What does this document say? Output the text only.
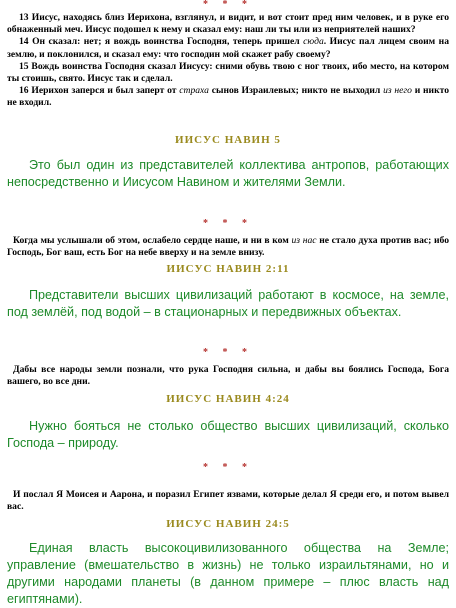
* * *

13 Иисус, находясь близ Иерихона, взглянул, и видит, и вот стоит пред ним человек, и в руке его обнаженный меч. Иисус подошел к нему и сказал ему: наш ли ты или из неприятелей наших?

14 Он сказал: нет; я вождь воинства Господня, теперь пришел сюда. Иисус пал лицем своим на землю, и поклонился, и сказал ему: что господин мой скажет рабу своему?

15 Вождь воинства Господня сказал Иисусу: сними обувь твою с ног твоих, ибо место, на котором ты стоишь, свято. Иисус так и сделал.

16 Иерихон заперся и был заперт от страха сынов Израилевых; никто не выходил из него и никто не входил.

ИИСУС НАВИН 5

Это был один из представителей коллектива антропов, работающих непосредственно и Иисусом Навином и жителями Земли.

* * *

Когда мы услышали об этом, ослабело сердце наше, и ни в ком из нас не стало духа против вас; ибо Господь, Бог ваш, есть Бог на небе вверху и на земле внизу.

ИИСУС НАВИН 2:11

Представители высших цивилизаций работают в космосе, на земле, под землёй, под водой – в стационарных и передвижных объектах.

* * *

Дабы все народы земли познали, что рука Господня сильна, и дабы вы боялись Господа, Бога вашего, во все дни.

ИИСУС НАВИН 4:24

Нужно бояться не столько общество высших цивилизаций, сколько Господа – природу.

* * *

И послал Я Моисея и Аарона, и поразил Египет язвами, которые делал Я среди его, и потом вывел вас.

ИИСУС НАВИН 24:5

Единая власть высокоцивилизованного общества на Земле; управление (вмешательство в жизнь) не только израильтянами, но и другими народами планеты (в данном примере – плюс власть над египтянами).
